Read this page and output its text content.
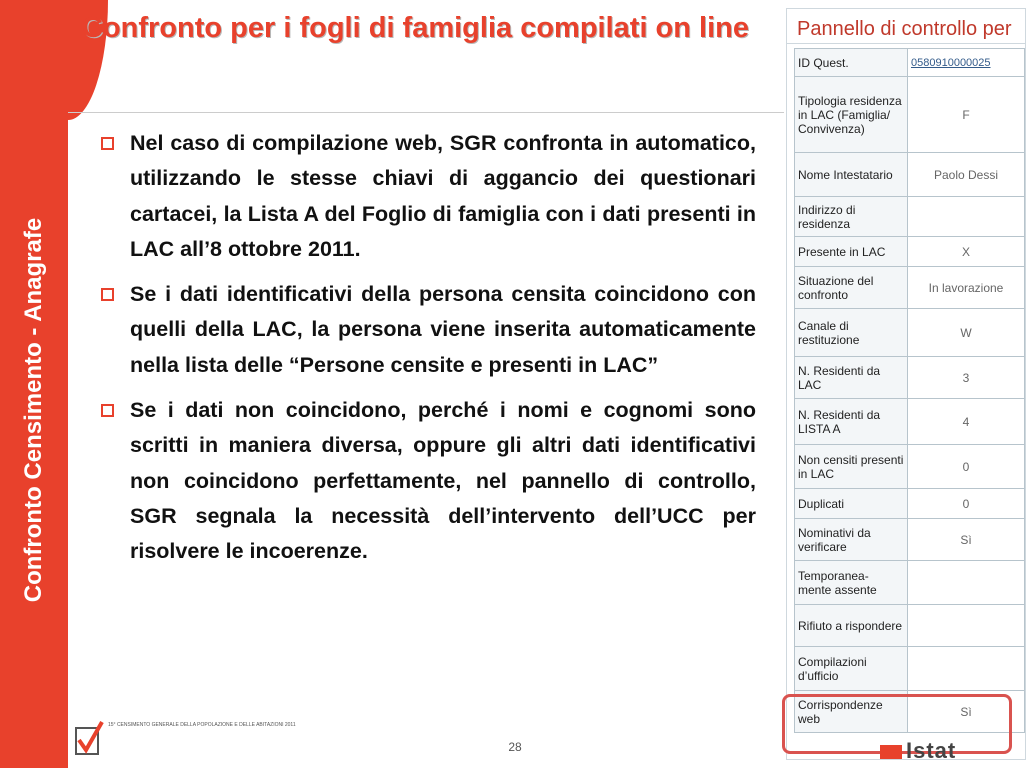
Confronto Censimento - Anagrafe
Confronto per i fogli di famiglia compilati on line
Nel caso di compilazione web, SGR confronta in automatico, utilizzando le stesse chiavi di aggancio dei questionari cartacei, la Lista A del Foglio di famiglia con i dati presenti in LAC all’8 ottobre 2011.
Se i dati identificativi della persona censita coincidono con quelli della LAC, la persona viene inserita automaticamente nella lista delle “Persone censite e presenti in LAC”
Se i dati non coincidono, perché i nomi e cognomi sono scritti in maniera diversa, oppure gli altri dati identificativi non coincidono perfettamente, nel pannello di controllo, SGR segnala la necessità dell’intervento dell’UCC per risolvere le incoerenze.
Pannello di controllo per
ID Quest.	0580910000025
Tipologia residenza in LAC (Famiglia/ Convivenza)	F
Nome Intestatario	Paolo Dessi
Indirizzo di residenza	
Presente in LAC	X
Situazione del confronto	In lavorazione
Canale di restituzione	W
N. Residenti da LAC	3
N. Residenti da LISTA A	4
Non censiti presenti in LAC	0
Duplicati	0
Nominativi da verificare	Sì
Temporanea- mente assente	
Rifiuto a rispondere	
Compilazioni d’ufficio	
Corrispondenze web	Sì
15° CENSIMENTO GENERALE DELLA POPOLAZIONE E DELLE ABITAZIONI 2011
28	Istat
